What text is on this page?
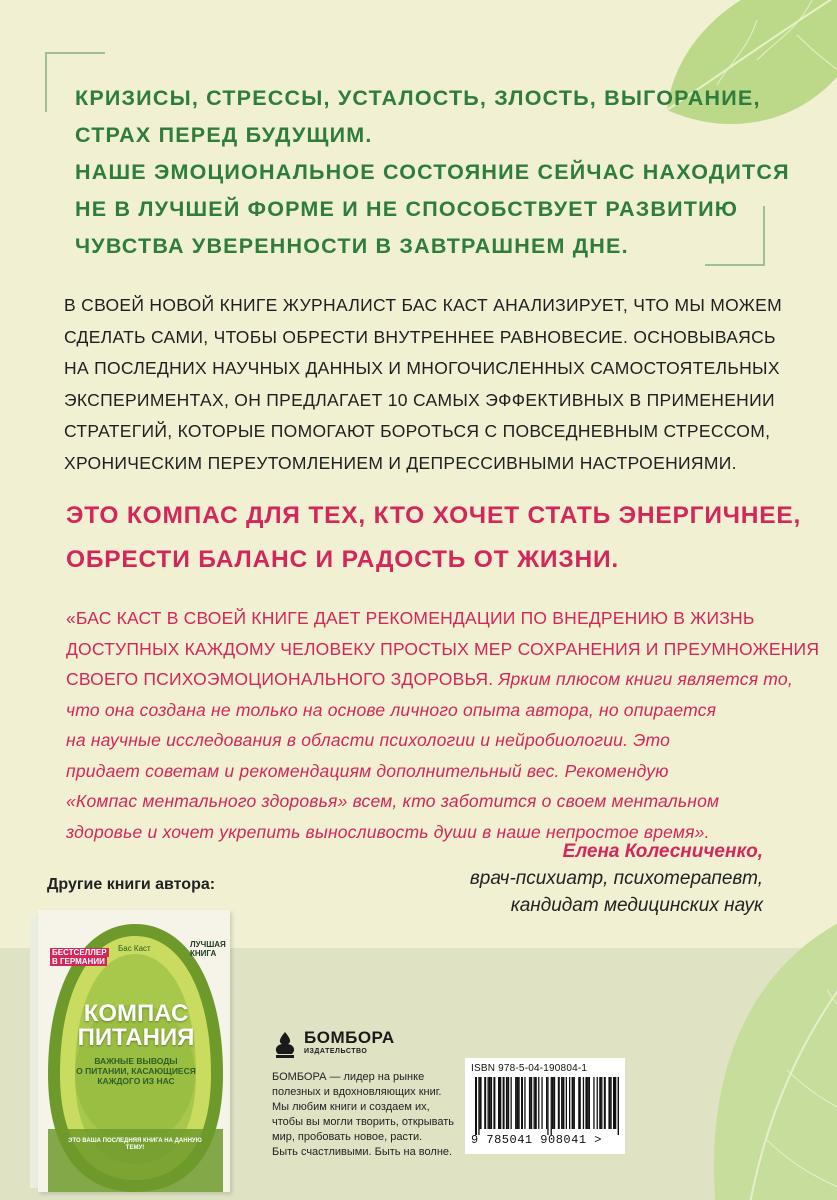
КРИЗИСЫ, СТРЕССЫ, УСТАЛОСТЬ, ЗЛОСТЬ, ВЫГОРАНИЕ,

СТРАХ ПЕРЕД БУДУЩИМ.

НАШЕ ЭМОЦИОНАЛЬНОЕ СОСТОЯНИЕ СЕЙЧАС НАХОДИТСЯ

НЕ В ЛУЧШЕЙ ФОРМЕ И НЕ СПОСОБСТВУЕТ РАЗВИТИЮ

ЧУВСТВА УВЕРЕННОСТИ В ЗАВТРАШНЕМ ДНЕ.

В СВОЕЙ НОВОЙ КНИГЕ ЖУРНАЛИСТ БАС КАСТ АНАЛИЗИРУЕТ, ЧТО МЫ МОЖЕМ

СДЕЛАТЬ САМИ, ЧТОБЫ ОБРЕСТИ ВНУТРЕННЕЕ РАВНОВЕСИЕ. ОСНОВЫВАЯСЬ

НА ПОСЛЕДНИХ НАУЧНЫХ ДАННЫХ И МНОГОЧИСЛЕННЫХ САМОСТОЯТЕЛЬНЫХ

ЭКСПЕРИМЕНТАХ, ОН ПРЕДЛАГАЕТ 10 САМЫХ ЭФФЕКТИВНЫХ В ПРИМЕНЕНИИ

СТРАТЕГИЙ, КОТОРЫЕ ПОМОГАЮТ БОРОТЬСЯ С ПОВСЕДНЕВНЫМ СТРЕССОМ,

ХРОНИЧЕСКИМ ПЕРЕУТОМЛЕНИЕМ И ДЕПРЕССИВНЫМИ НАСТРОЕНИЯМИ.

ЭТО КОМПАС ДЛЯ ТЕХ, КТО ХОЧЕТ СТАТЬ ЭНЕРГИЧНЕЕ,

ОБРЕСТИ БАЛАНС И РАДОСТЬ ОТ ЖИЗНИ.

«БАС КАСТ В СВОЕЙ КНИГЕ ДАЕТ РЕКОМЕНДАЦИИ ПО ВНЕДРЕНИЮ В ЖИЗНЬ

ДОСТУПНЫХ КАЖДОМУ ЧЕЛОВЕКУ ПРОСТЫХ МЕР СОХРАНЕНИЯ И ПРЕУМНОЖЕНИЯ

СВОЕГО ПСИХОЭМОЦИОНАЛЬНОГО ЗДОРОВЬЯ. Ярким плюсом книги является то,

что она создана не только на основе личного опыта автора, но опирается

на научные исследования в области психологии и нейробиологии. Это

придает советам и рекомендациям дополнительный вес. Рекомендую

«Компас ментального здоровья» всем, кто заботится о своем ментальном

здоровье и хочет укрепить выносливость души в наше непростое время».

Елена Колесниченко,
врач-психиатр, психотерапевт,
кандидат медицинских наук
Другие книги автора:
БЕСТСЕЛЛЕР
В ГЕРМАНИИ
Бас Каст	ЛУЧШАЯ КНИГА
КОМПАС
ПИТАНИЯ
ВАЖНЫЕ ВЫВОДЫ
О ПИТАНИИ, КАСАЮЩИЕСЯ
КАЖДОГО ИЗ НАС
ЭТО ВАША ПОСЛЕДНЯЯ КНИГА НА ДАННУЮ ТЕМУ!
БОМБОРА
ИЗДАТЕЛЬСТВО
БОМБОРА — лидер на рынке
полезных и вдохновляющих книг.
Мы любим книги и создаем их,
чтобы вы могли творить, открывать
мир, пробовать новое, расти.
Быть счастливыми. Быть на волне.
ISBN 978-5-04-190804-1
9 785041 908041 >
